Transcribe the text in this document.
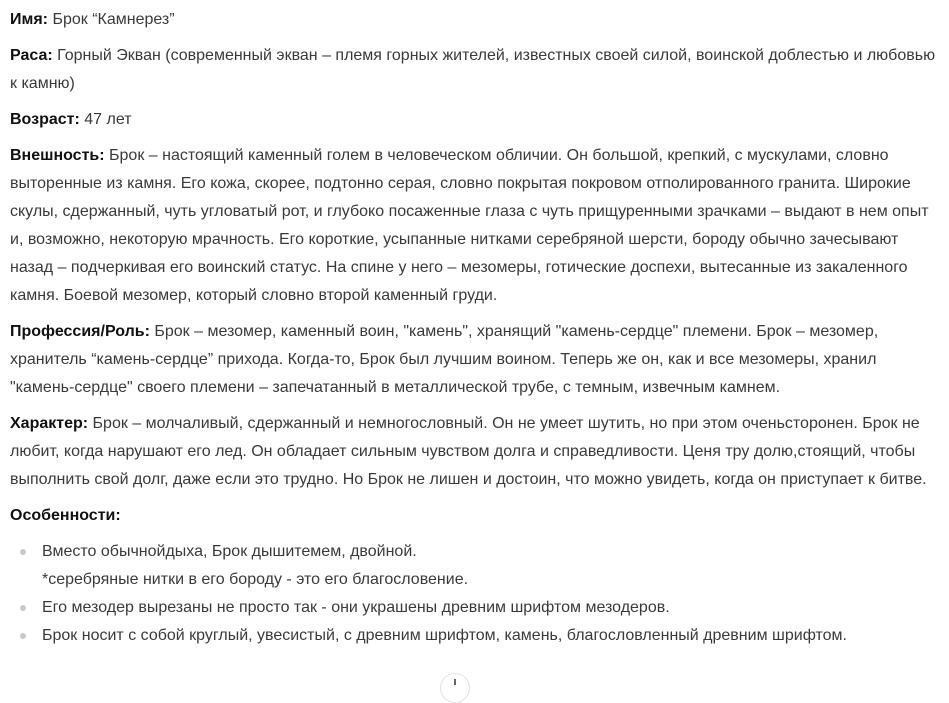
Имя: Брок “Камнерез”

Раса: Горный Экван (современный экван – племя горных жителей, известных своей силой, воинской доблестью и любовью к камню)

Возраст: 47 лет

Внешность: Брок – настоящий каменный голем в человеческом обличии. Он большой, крепкий, с мускулами, словно выторенные из камня. Его кожа, скорее, подтонно серая, словно покрытая покровом отполированного гранита. Широкие скулы, сдержанный, чуть угловатый рот, и глубоко посаженные глаза с чуть прищуренными зрачками – выдают в нем опыт и, возможно, некоторую мрачность. Его короткие, усыпанные нитками серебряной шерсти, бороду обычно зачесывают назад – подчеркивая его воинский статус. На спине у него – мезомеры, готические доспехи, вытесанные из закаленного камня. Боевой мезомер, который словно второй каменный груди.

Профессия/Роль: Брок – мезомер, каменный воин, "камень", хранящий "камень-сердце" племени. Брок – мезомер, хранитель “камень-сердце” прихода. Когда-то, Брок был лучшим воином. Теперь же он, как и все мезомеры, хранил "камень-сердце" своего племени – запечатанный в металлической трубе, с темным, извечным камнем.

Характер: Брок – молчаливый, сдержанный и немногословный. Он не умеет шутить, но при этом оченьсторонен. Брок не любит, когда нарушают его лед. Он обладает сильным чувством долга и справедливости. Ценя тру долю,стоящий, чтобы выполнить свой долг, даже если это трудно. Но Брок не лишен и достоин, что можно увидеть, когда он приступает к битве.

Особенности:

Вместо обычнойдыха, Брок дышитемем, двойной.
*серебряные нитки в его бороду - это его благословение.
Его мезодер вырезаны не просто так - они украшены древним шрифтом мезодеров.
Брок носит с собой круглый, увесистый, с древним шрифтом, камень, благословленный древним шрифтом.
